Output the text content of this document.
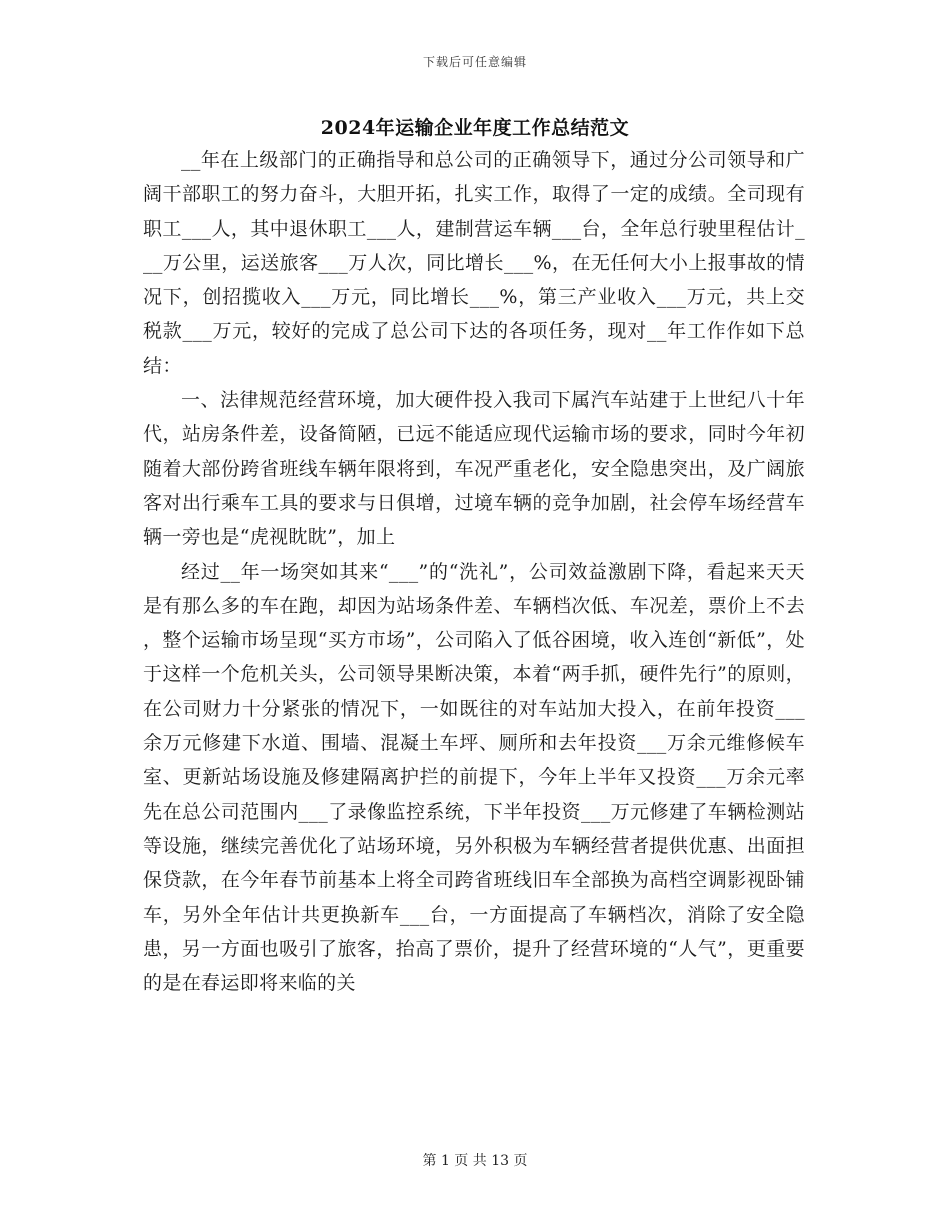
下载后可任意编辑
2024年运输企业年度工作总结范文

__年在上级部门的正确指导和总公司的正确领导下，通过分公司领导和广阔干部职工的努力奋斗，大胆开拓，扎实工作，取得了一定的成绩。全司现有职工___人，其中退休职工___人，建制营运车辆___台，全年总行驶里程估计___万公里，运送旅客___万人次，同比增长___%，在无任何大小上报事故的情况下，创招揽收入___万元，同比增长___%，第三产业收入___万元，共上交税款___万元，较好的完成了总公司下达的各项任务，现对__年工作作如下总结：

一、法律规范经营环境，加大硬件投入我司下属汽车站建于上世纪八十年代，站房条件差，设备简陋，已远不能适应现代运输市场的要求，同时今年初随着大部份跨省班线车辆年限将到，车况严重老化，安全隐患突出，及广阔旅客对出行乘车工具的要求与日俱增，过境车辆的竞争加剧，社会停车场经营车辆一旁也是“虎视眈眈”，加上

经过__年一场突如其来“___”的“洗礼”，公司效益激剧下降，看起来天天是有那么多的车在跑，却因为站场条件差、车辆档次低、车况差，票价上不去，整个运输市场呈现“买方市场”，公司陷入了低谷困境，收入连创“新低”，处于这样一个危机关头，公司领导果断决策，本着“两手抓，硬件先行”的原则，在公司财力十分紧张的情况下，一如既往的对车站加大投入，在前年投资___余万元修建下水道、围墙、混凝土车坪、厕所和去年投资___万余元维修候车室、更新站场设施及修建隔离护拦的前提下，今年上半年又投资___万余元率先在总公司范围内___了录像监控系统，下半年投资___万元修建了车辆检测站等设施，继续完善优化了站场环境，另外积极为车辆经营者提供优惠、出面担保贷款，在今年春节前基本上将全司跨省班线旧车全部换为高档空调影视卧铺车，另外全年估计共更换新车___台，一方面提高了车辆档次，消除了安全隐患，另一方面也吸引了旅客，抬高了票价，提升了经营环境的“人气”，更重要的是在春运即将来临的关

第 1 页 共 13 页
